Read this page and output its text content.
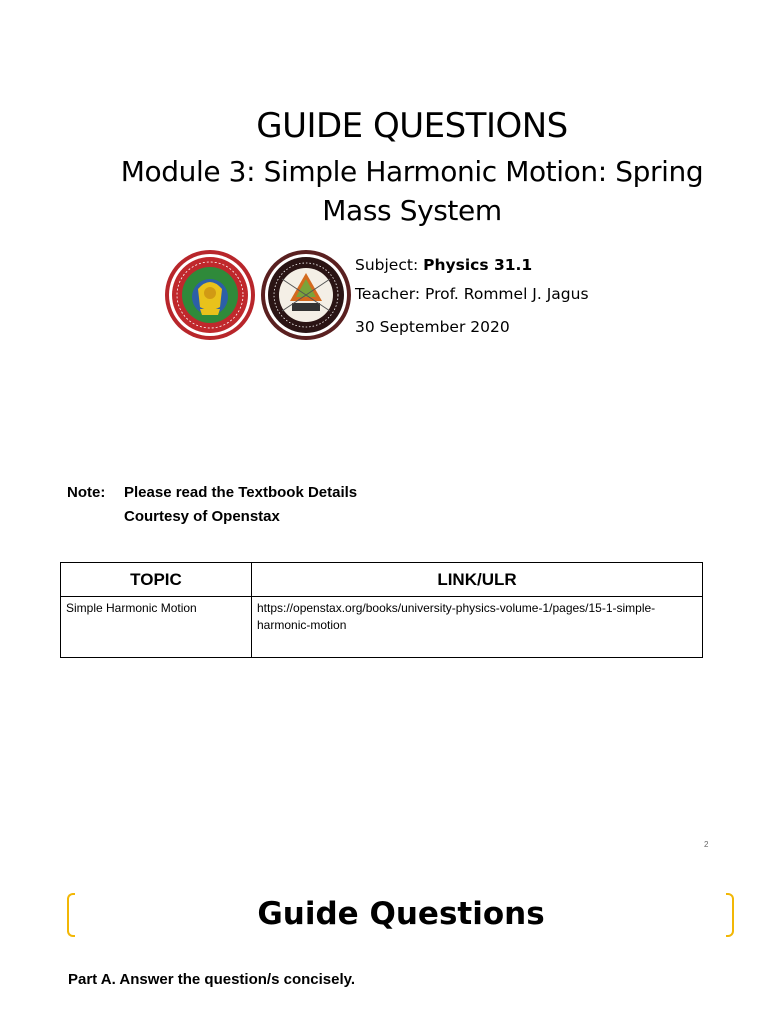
GUIDE QUESTIONS
Module 3: Simple Harmonic Motion: Spring
Mass System
Subject: Physics 31.1
Teacher: Prof. Rommel J. Jagus
30 September 2020
Note: Please read the Textbook Details
Courtesy of Openstax
TOPIC	LINK/ULR
Simple Harmonic Motion	https://openstax.org/books/university-physics-volume-1/pages/15-1-simple-harmonic-motion
2
Guide Questions
Part A. Answer the question/s concisely.
